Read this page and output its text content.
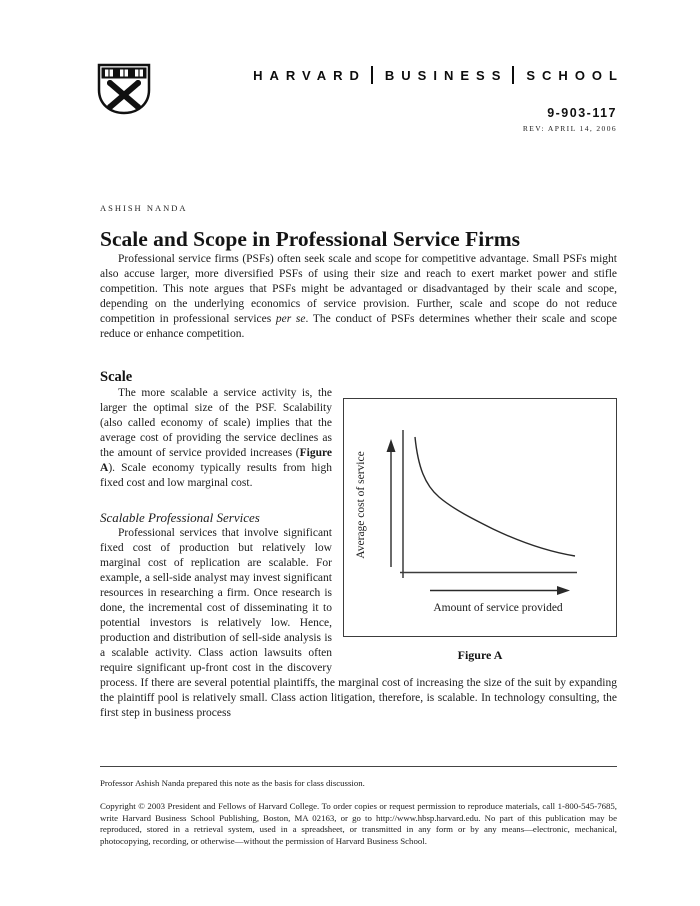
HARVARD BUSINESS SCHOOL
9-903-117
REV: APRIL 14, 2006
ASHISH NANDA
Scale and Scope in Professional Service Firms

Professional service firms (PSFs) often seek scale and scope for competitive advantage. Small PSFs might also accuse larger, more diversified PSFs of using their size and reach to exert market power and stifle competition. This note argues that PSFs might be advantaged or disadvantaged by their scale and scope, depending on the underlying economics of service provision. Further, scale and scope do not reduce competition in professional services per se. The conduct of PSFs determines whether their scale and scope reduce or enhance competition.

Scale
Average cost of service
Amount of service provided
Figure A

The more scalable a service activity is, the larger the optimal size of the PSF. Scalability (also called economy of scale) implies that the average cost of providing the service declines as the amount of service provided increases (Figure A). Scale economy typically results from high fixed cost and low marginal cost.

Scalable Professional Services

Professional services that involve significant fixed cost of production but relatively low marginal cost of replication are scalable. For example, a sell-side analyst may invest significant resources in researching a firm. Once research is done, the incremental cost of disseminating it to potential investors is relatively low. Hence, production and distribution of sell-side analysis is a scalable activity. Class action lawsuits often require significant up-front cost in the discovery process. If there are several potential plaintiffs, the marginal cost of increasing the size of the suit by expanding the plaintiff pool is relatively small. Class action litigation, therefore, is scalable. In technology consulting, the first step in business process

Professor Ashish Nanda prepared this note as the basis for class discussion.
Copyright © 2003 President and Fellows of Harvard College. To order copies or request permission to reproduce materials, call 1-800-545-7685, write Harvard Business School Publishing, Boston, MA 02163, or go to http://www.hbsp.harvard.edu. No part of this publication may be reproduced, stored in a retrieval system, used in a spreadsheet, or transmitted in any form or by any means—electronic, mechanical, photocopying, recording, or otherwise—without the permission of Harvard Business School.
